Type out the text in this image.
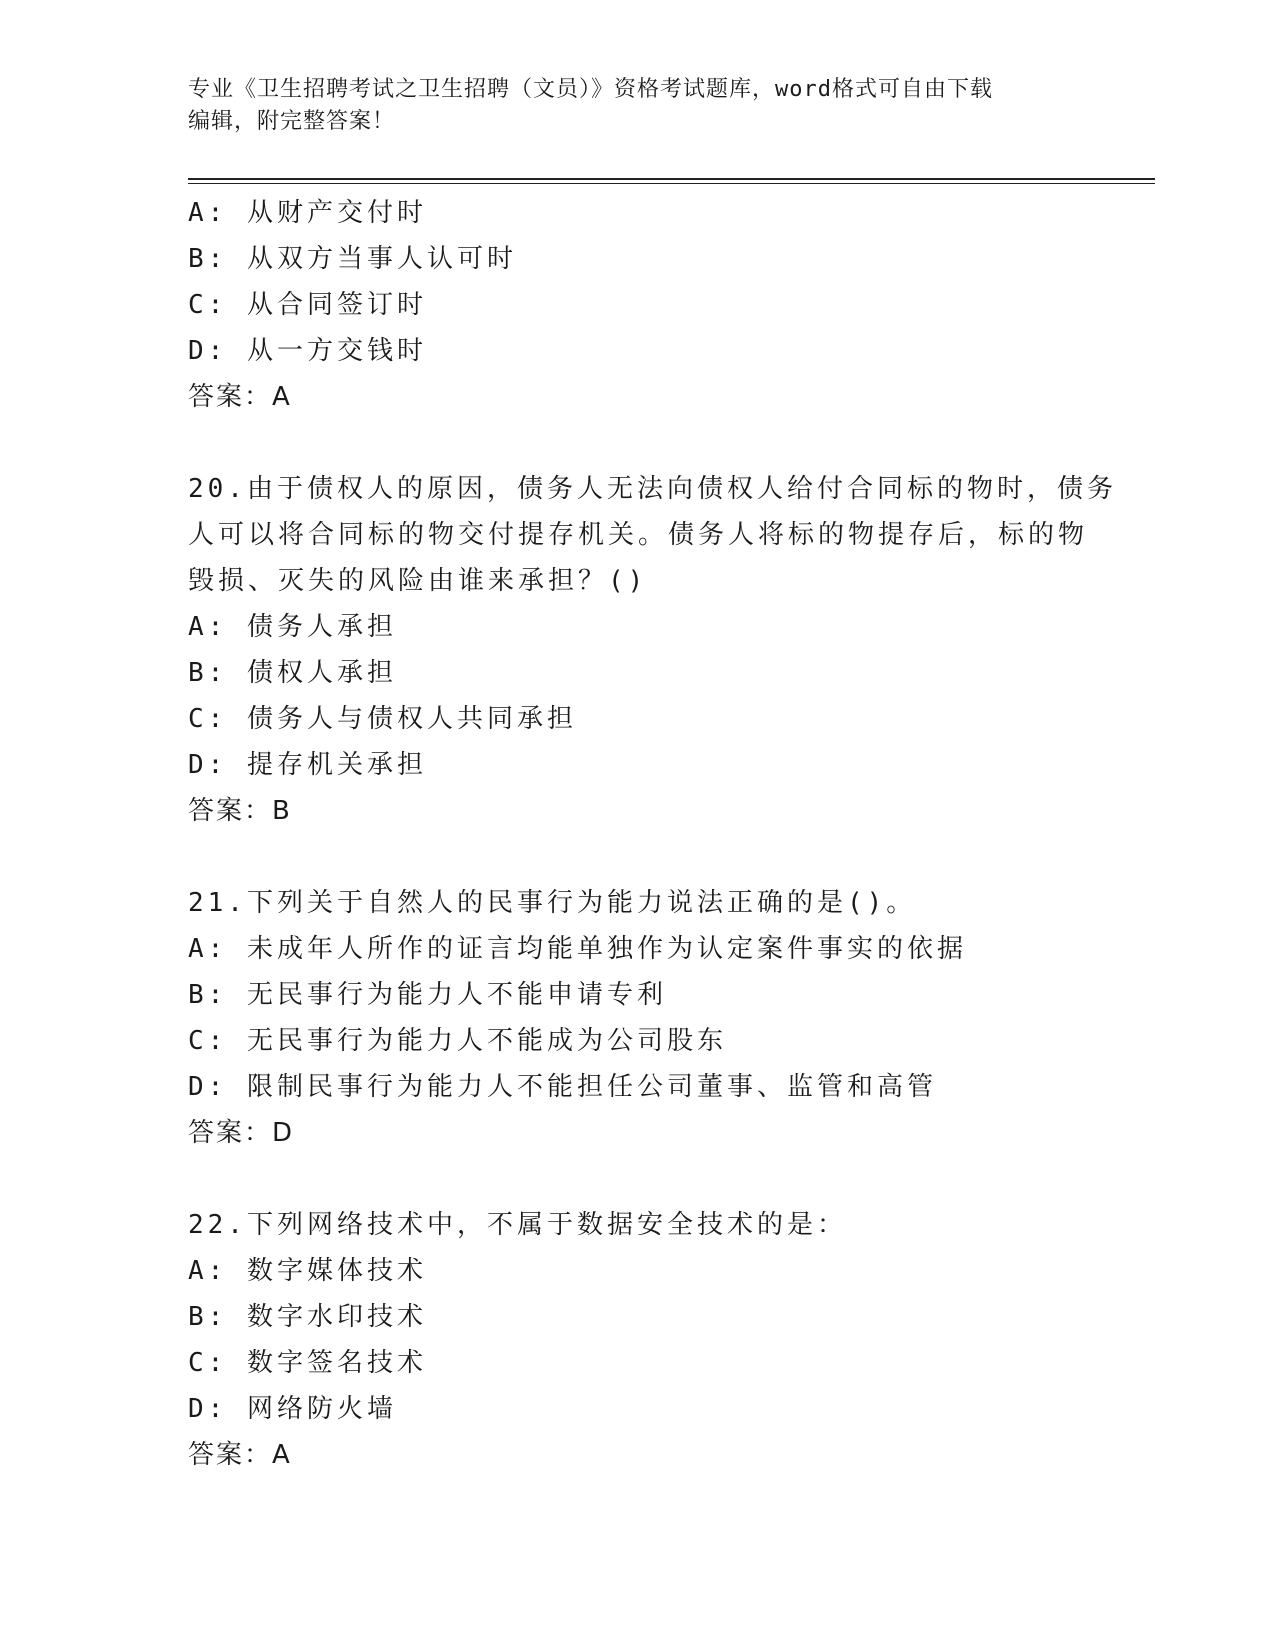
专业《卫生招聘考试之卫生招聘（文员）》资格考试题库，word格式可自由下载
编辑，附完整答案！
A: 从财产交付时
B: 从双方当事人认可时
C: 从合同签订时
D: 从一方交钱时
答案：A
20.由于债权人的原因，债务人无法向债权人给付合同标的物时，债务
人可以将合同标的物交付提存机关。债务人将标的物提存后，标的物
毁损、灭失的风险由谁来承担？()
A: 债务人承担
B: 债权人承担
C: 债务人与债权人共同承担
D: 提存机关承担
答案：B
21.下列关于自然人的民事行为能力说法正确的是()。
A: 未成年人所作的证言均能单独作为认定案件事实的依据
B: 无民事行为能力人不能申请专利
C: 无民事行为能力人不能成为公司股东
D: 限制民事行为能力人不能担任公司董事、监管和高管
答案：D
22.下列网络技术中，不属于数据安全技术的是：
A: 数字媒体技术
B: 数字水印技术
C: 数字签名技术
D: 网络防火墙
答案：A
